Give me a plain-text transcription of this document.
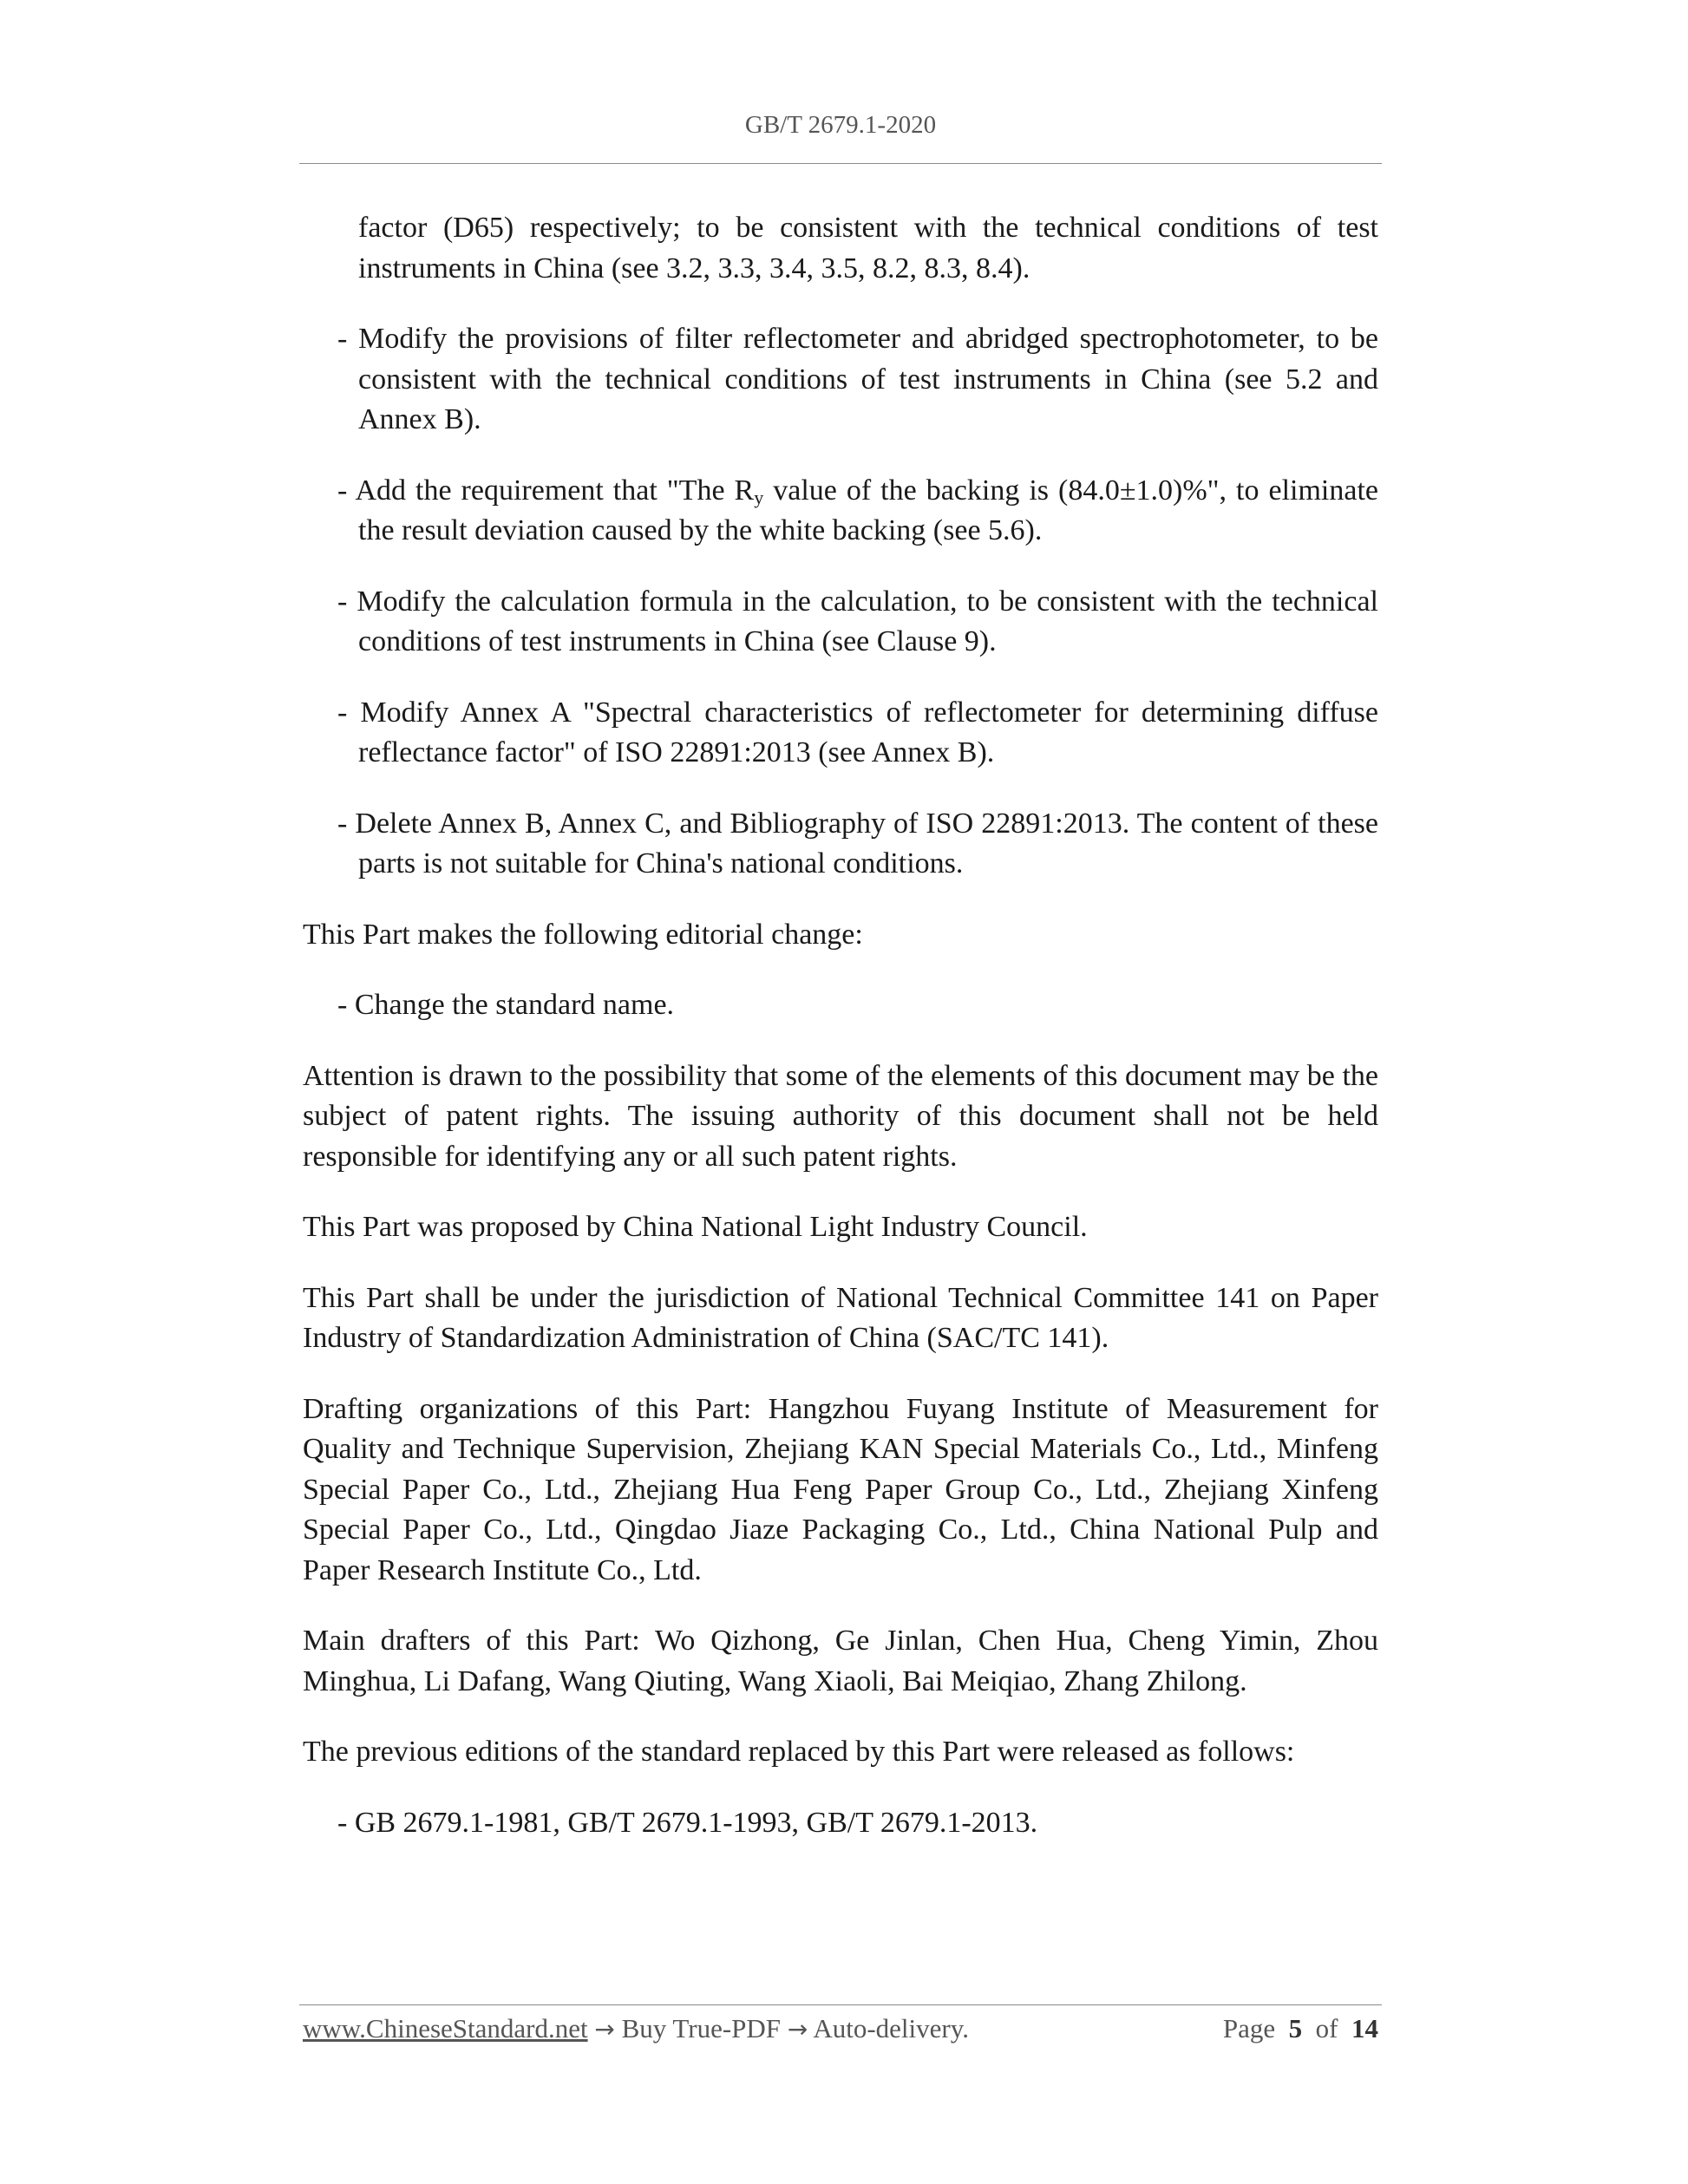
GB/T 2679.1-2020

factor (D65) respectively; to be consistent with the technical conditions of test instruments in China (see 3.2, 3.3, 3.4, 3.5, 8.2, 8.3, 8.4).

- Modify the provisions of filter reflectometer and abridged spectrophotometer, to be consistent with the technical conditions of test instruments in China (see 5.2 and Annex B).

- Add the requirement that "The $R_y$ value of the backing is (84.0±1.0)%", to eliminate the result deviation caused by the white backing (see 5.6).

- Modify the calculation formula in the calculation, to be consistent with the technical conditions of test instruments in China (see Clause 9).

- Modify Annex A "Spectral characteristics of reflectometer for determining diffuse reflectance factor" of ISO 22891:2013 (see Annex B).

- Delete Annex B, Annex C, and Bibliography of ISO 22891:2013. The content of these parts is not suitable for China's national conditions.

This Part makes the following editorial change:

- Change the standard name.

Attention is drawn to the possibility that some of the elements of this document may be the subject of patent rights. The issuing authority of this document shall not be held responsible for identifying any or all such patent rights.

This Part was proposed by China National Light Industry Council.

This Part shall be under the jurisdiction of National Technical Committee 141 on Paper Industry of Standardization Administration of China (SAC/TC 141).

Drafting organizations of this Part: Hangzhou Fuyang Institute of Measurement for Quality and Technique Supervision, Zhejiang KAN Special Materials Co., Ltd., Minfeng Special Paper Co., Ltd., Zhejiang Hua Feng Paper Group Co., Ltd., Zhejiang Xinfeng Special Paper Co., Ltd., Qingdao Jiaze Packaging Co., Ltd., China National Pulp and Paper Research Institute Co., Ltd.

Main drafters of this Part: Wo Qizhong, Ge Jinlan, Chen Hua, Cheng Yimin, Zhou Minghua, Li Dafang, Wang Qiuting, Wang Xiaoli, Bai Meiqiao, Zhang Zhilong.

The previous editions of the standard replaced by this Part were released as follows:

- GB 2679.1-1981, GB/T 2679.1-1993, GB/T 2679.1-2013.

www.ChineseStandard.net → Buy True-PDF → Auto-delivery.	Page 5 of 14
